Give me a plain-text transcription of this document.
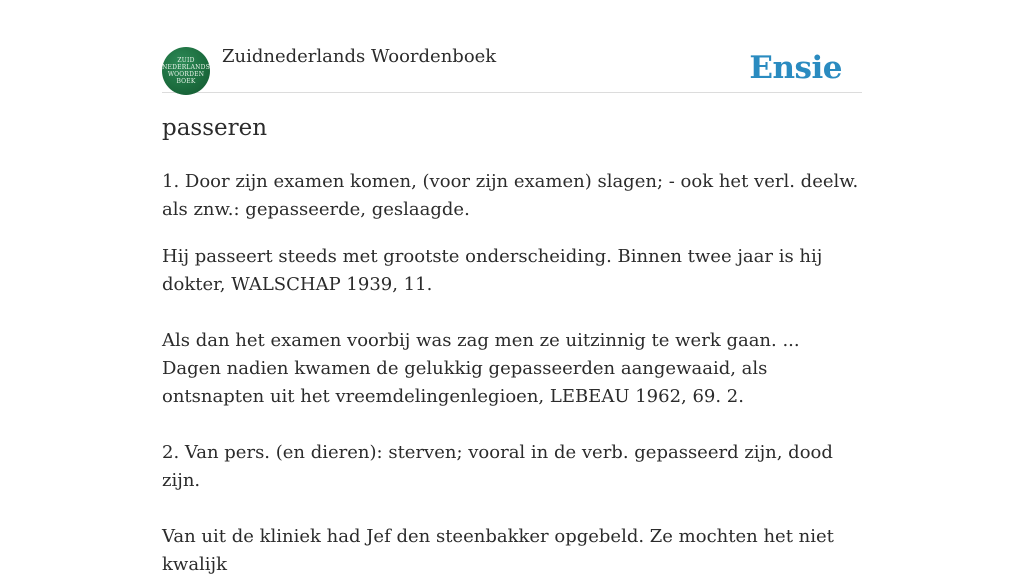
ZUID
NEDERLANDS
WOORDEN
BOEK
Zuidnederlands Woordenboek	Ensie
passeren

1. Door zijn examen komen, (voor zijn examen) slagen; - ook het verl. deelw. als znw.: gepasseerde, geslaagde.

Hij passeert steeds met grootste onderscheiding. Binnen twee jaar is hij dokter, WALSCHAP 1939, 11.

Als dan het examen voorbij was zag men ze uitzinnig te werk gaan. ... Dagen nadien kwamen de gelukkig gepasseerden aangewaaid, als ontsnapten uit het vreemdelingenlegioen, LEBEAU 1962, 69. 2.

2. Van pers. (en dieren): sterven; vooral in de verb. gepasseerd zijn, dood zijn.

Van uit de kliniek had Jef den steenbakker opgebeld. Ze mochten het niet kwalijk
